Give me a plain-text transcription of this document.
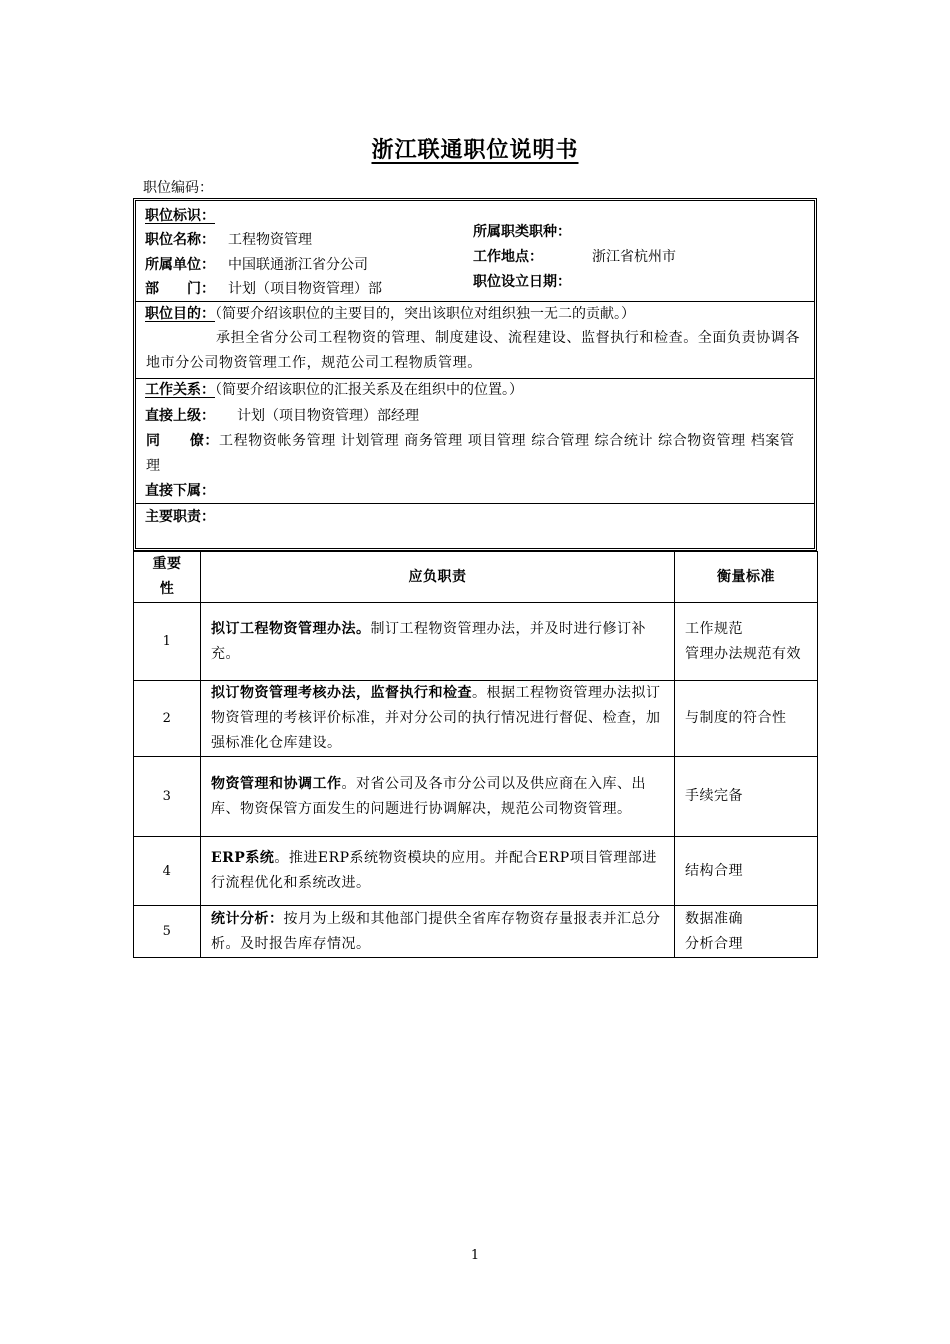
浙江联通职位说明书
职位编码：
职位标识：
职位名称： 工程物资管理
所属单位： 中国联通浙江省分公司
部　　门： 计划（项目物资管理）部
所属职类职种：
工作地点：	浙江省杭州市
职位设立日期：
职位目的：（简要介绍该职位的主要目的，突出该职位对组织独一无二的贡献。）
承担全省分公司工程物资的管理、制度建设、流程建设、监督执行和检查。全面负责协调各地市分公司物资管理工作，规范公司工程物质管理。
工作关系：（简要介绍该职位的汇报关系及在组织中的位置。）
直接上级： 计划（项目物资管理）部经理
同　　僚：工程物资帐务管理 计划管理 商务管理 项目管理 综合管理 综合统计 综合物资管理 档案管理
直接下属：
主要职责：
重要性	应负职责	衡量标准
1	拟订工程物资管理办法。制订工程物资管理办法，并及时进行修订补充。	工作规范
管理办法规范有效
2	拟订物资管理考核办法，监督执行和检查。根据工程物资管理办法拟订物资管理的考核评价标准，并对分公司的执行情况进行督促、检查，加强标准化仓库建设。	与制度的符合性
3	物资管理和协调工作。对省公司及各市分公司以及供应商在入库、出库、物资保管方面发生的问题进行协调解决，规范公司物资管理。	手续完备
4	ERP系统。推进ERP系统物资模块的应用。并配合ERP项目管理部进行流程优化和系统改进。	结构合理
5	统计分析：按月为上级和其他部门提供全省库存物资存量报表并汇总分析。及时报告库存情况。	数据准确
分析合理
1
